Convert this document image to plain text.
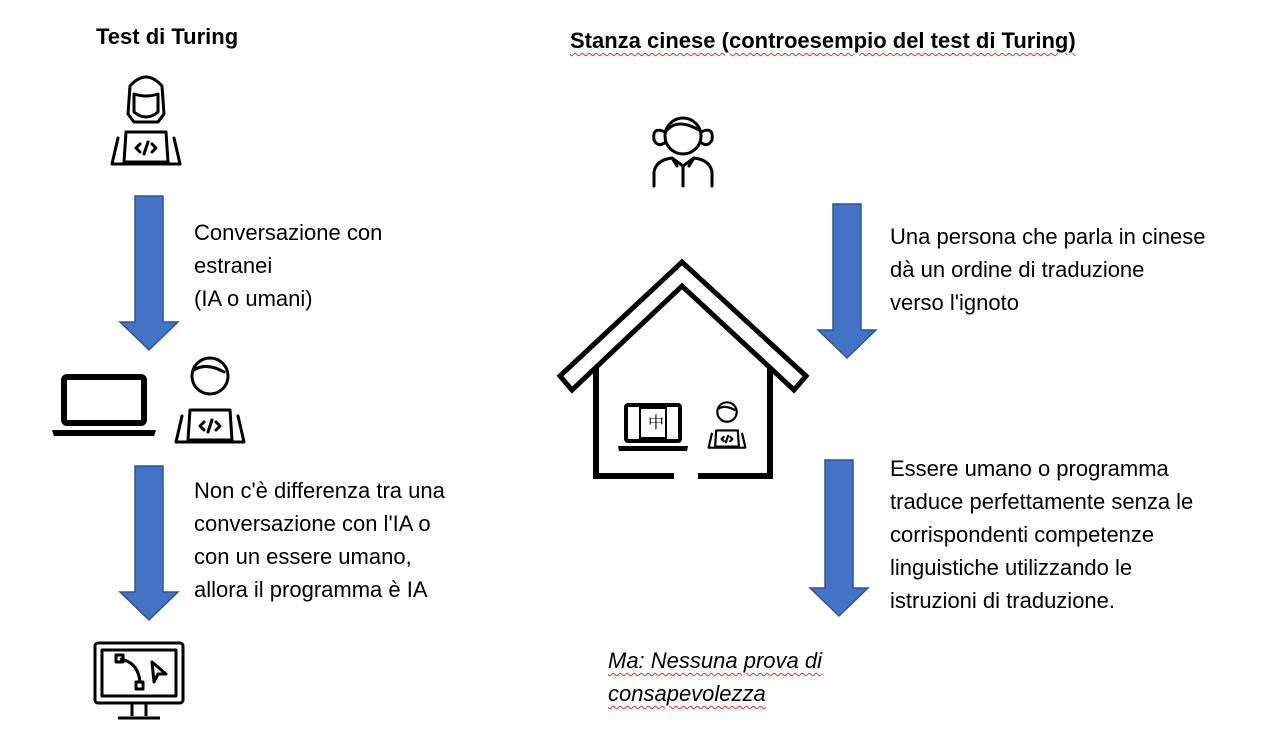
Test di Turing
Conversazione con
estranei
(IA o umani)
Non c'è differenza tra una
conversazione con l'IA o
con un essere umano,
allora il programma è IA
Stanza cinese (controesempio del test di Turing)
Una persona che parla in cinese
dà un ordine di traduzione
verso l'ignoto
中
Essere umano o programma
traduce perfettamente senza le
corrispondenti competenze
linguistiche utilizzando le
istruzioni di traduzione.
Ma: Nessuna prova di
consapevolezza
